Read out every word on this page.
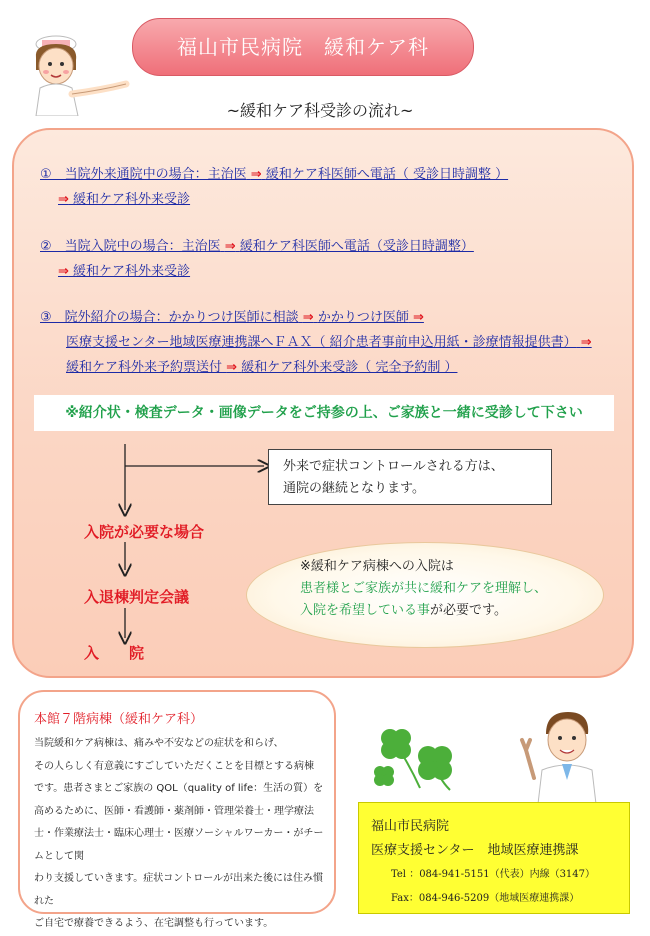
福山市民病院　緩和ケア科
~緩和ケア科受診の流れ~
①　当院外来通院中の場合：主治医 ⇒ 緩和ケア科医師へ電話（ 受診日時調整 ）
⇒ 緩和ケア科外来受診
②　当院入院中の場合：主治医 ⇒ 緩和ケア科医師へ電話（受診日時調整）
⇒ 緩和ケア科外来受診
③　院外紹介の場合：かかりつけ医師に相談 ⇒ かかりつけ医師 ⇒
医療支援センター地域医療連携課へＦＡＸ（ 紹介患者事前申込用紙・診療情報提供書） ⇒
緩和ケア科外来予約票送付 ⇒ 緩和ケア科外来受診（ 完全予約制 ）
※紹介状・検査データ・画像データをご持参の上、ご家族と一緒に受診して下さい
外来で症状コントロールされる方は、
通院の継続となります。
入院が必要な場合
入退棟判定会議
入　　院
※緩和ケア病棟への入院は
患者様とご家族が共に緩和ケアを理解し、
入院を希望している事が必要です。
本館７階病棟（緩和ケア科）
当院緩和ケア病棟は、痛みや不安などの症状を和らげ、
その人らしく有意義にすごしていただくことを目標とする病棟
です。患者さまとご家族の QOL（quality of life：生活の質）を
高めるために、医師・看護師・薬剤師・管理栄養士・理学療法
士・作業療法士・臨床心理士・医療ソーシャルワーカー・がチームとして関
わり支援していきます。症状コントロールが出来た後には住み慣れた
ご自宅で療養できるよう、在宅調整も行っています。
福山市民病院
医療支援センター　地域医療連携課
Tel ：084-941-5151（代表）内線（3147）
Fax：084-946-5209（地域医療連携課）
